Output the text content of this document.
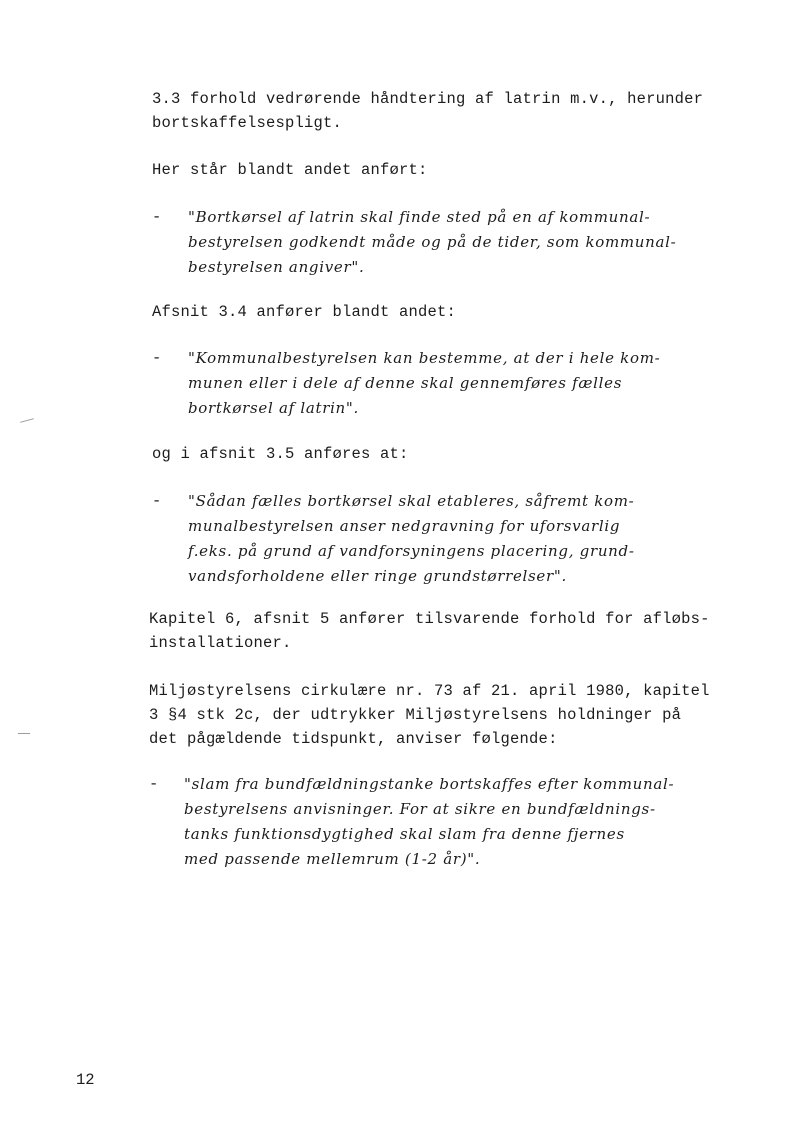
3.3 forhold vedrørende håndtering af latrin m.v., herunder
bortskaffelsespligt.
Her står blandt andet anført:
- "Bortkørsel af latrin skal finde sted på en af kommunal-
bestyrelsen godkendt måde og på de tider, som kommunal-
bestyrelsen angiver".
Afsnit 3.4 anfører blandt andet:
- "Kommunalbestyrelsen kan bestemme, at der i hele kom-
munen eller i dele af denne skal gennemføres fælles
bortkørsel af latrin".
og i afsnit 3.5 anføres at:
- "Sådan fælles bortkørsel skal etableres, såfremt kom-
munalbestyrelsen anser nedgravning for uforsvarlig
f.eks. på grund af vandforsyningens placering, grund-
vandsforholdene eller ringe grundstørrelser".
Kapitel 6, afsnit 5 anfører tilsvarende forhold for afløbs-
installationer.
Miljøstyrelsens cirkulære nr. 73 af 21. april 1980, kapitel
3 §4 stk 2c, der udtrykker Miljøstyrelsens holdninger på
det pågældende tidspunkt, anviser følgende:
- "slam fra bundfældningstanke bortskaffes efter kommunal-
bestyrelsens anvisninger. For at sikre en bundfældnings-
tanks funktionsdygtighed skal slam fra denne fjernes
med passende mellemrum (1-2 år)".
12
